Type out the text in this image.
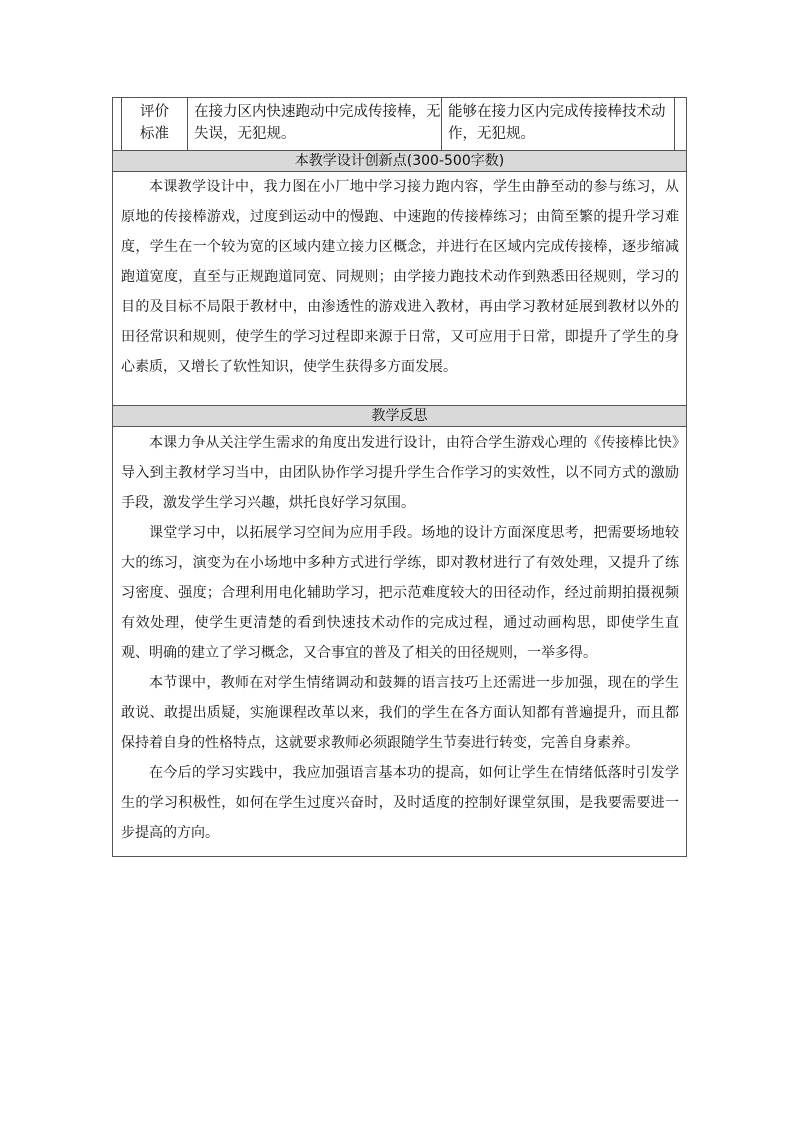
评价
标准
在接力区内快速跑动中完成传接棒，无失误，无犯规。
能够在接力区内完成传接棒技术动作，无犯规。
本教学设计创新点(300-500字数)

本课教学设计中，我力图在小厂地中学习接力跑内容，学生由静至动的参与练习，从原地的传接棒游戏，过度到运动中的慢跑、中速跑的传接棒练习；由简至繁的提升学习难度，学生在一个较为宽的区域内建立接力区概念，并进行在区域内完成传接棒，逐步缩减跑道宽度，直至与正规跑道同宽、同规则；由学接力跑技术动作到熟悉田径规则，学习的目的及目标不局限于教材中，由渗透性的游戏进入教材，再由学习教材延展到教材以外的田径常识和规则，使学生的学习过程即来源于日常，又可应用于日常，即提升了学生的身心素质，又增长了软性知识，使学生获得多方面发展。

教学反思

本课力争从关注学生需求的角度出发进行设计，由符合学生游戏心理的《传接棒比快》导入到主教材学习当中，由团队协作学习提升学生合作学习的实效性，以不同方式的激励手段，激发学生学习兴趣，烘托良好学习氛围。

课堂学习中，以拓展学习空间为应用手段。场地的设计方面深度思考，把需要场地较大的练习，演变为在小场地中多种方式进行学练，即对教材进行了有效处理，又提升了练习密度、强度；合理利用电化辅助学习，把示范难度较大的田径动作，经过前期拍摄视频有效处理，使学生更清楚的看到快速技术动作的完成过程，通过动画构思，即使学生直观、明确的建立了学习概念，又合事宜的普及了相关的田径规则，一举多得。

本节课中，教师在对学生情绪调动和鼓舞的语言技巧上还需进一步加强，现在的学生敢说、敢提出质疑，实施课程改革以来，我们的学生在各方面认知都有普遍提升，而且都保持着自身的性格特点，这就要求教师必须跟随学生节奏进行转变，完善自身素养。

在今后的学习实践中，我应加强语言基本功的提高，如何让学生在情绪低落时引发学生的学习积极性，如何在学生过度兴奋时，及时适度的控制好课堂氛围，是我要需要进一步提高的方向。
